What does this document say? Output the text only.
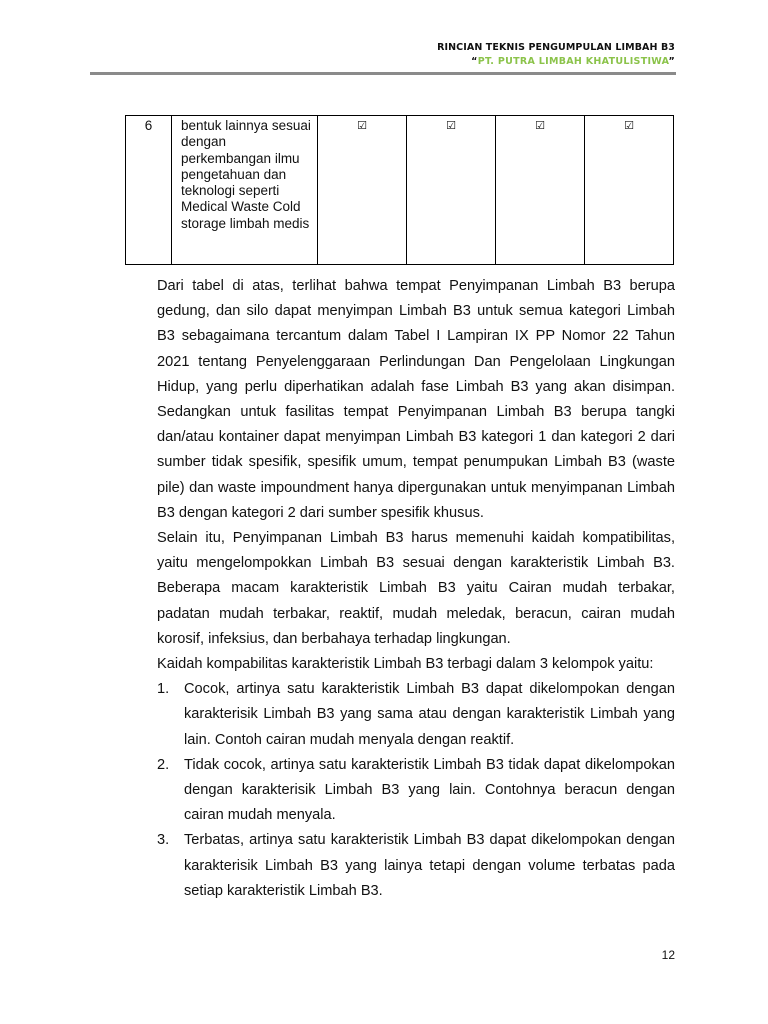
RINCIAN TEKNIS PENGUMPULAN LIMBAH B3
“PT. PUTRA LIMBAH KHATULISTIWA”
6	bentuk lainnya sesuai dengan perkembangan ilmu pengetahuan dan teknologi seperti Medical Waste Cold storage limbah medis	☑	☑	☑	☑

Dari tabel di atas, terlihat bahwa tempat Penyimpanan Limbah B3 berupa gedung, dan silo dapat menyimpan Limbah B3 untuk semua kategori Limbah B3 sebagaimana tercantum dalam Tabel I Lampiran IX PP Nomor 22 Tahun 2021 tentang Penyelenggaraan Perlindungan Dan Pengelolaan Lingkungan Hidup, yang perlu diperhatikan adalah fase Limbah B3 yang akan disimpan. Sedangkan untuk fasilitas tempat Penyimpanan Limbah B3 berupa tangki dan/atau kontainer dapat menyimpan Limbah B3 kategori 1 dan kategori 2 dari sumber tidak spesifik, spesifik umum, tempat penumpukan Limbah B3 (waste pile) dan waste impoundment hanya dipergunakan untuk menyimpanan Limbah B3 dengan kategori 2 dari sumber spesifik khusus.

Selain itu, Penyimpanan Limbah B3 harus memenuhi kaidah kompatibilitas, yaitu mengelompokkan Limbah B3 sesuai dengan karakteristik Limbah B3. Beberapa macam karakteristik Limbah B3 yaitu Cairan mudah terbakar, padatan mudah terbakar, reaktif, mudah meledak, beracun, cairan mudah korosif, infeksius, dan berbahaya terhadap lingkungan.

Kaidah kompabilitas karakteristik Limbah B3 terbagi dalam 3 kelompok yaitu:

1. Cocok, artinya satu karakteristik Limbah B3 dapat dikelompokan dengan karakterisik Limbah B3 yang sama atau dengan karakteristik Limbah yang lain. Contoh cairan mudah menyala dengan reaktif.
2. Tidak cocok, artinya satu karakteristik Limbah B3 tidak dapat dikelompokan dengan karakterisik Limbah B3 yang lain. Contohnya beracun dengan cairan mudah menyala.
3. Terbatas, artinya satu karakteristik Limbah B3 dapat dikelompokan dengan karakterisik Limbah B3 yang lainya tetapi dengan volume terbatas pada setiap karakteristik Limbah B3.
12
